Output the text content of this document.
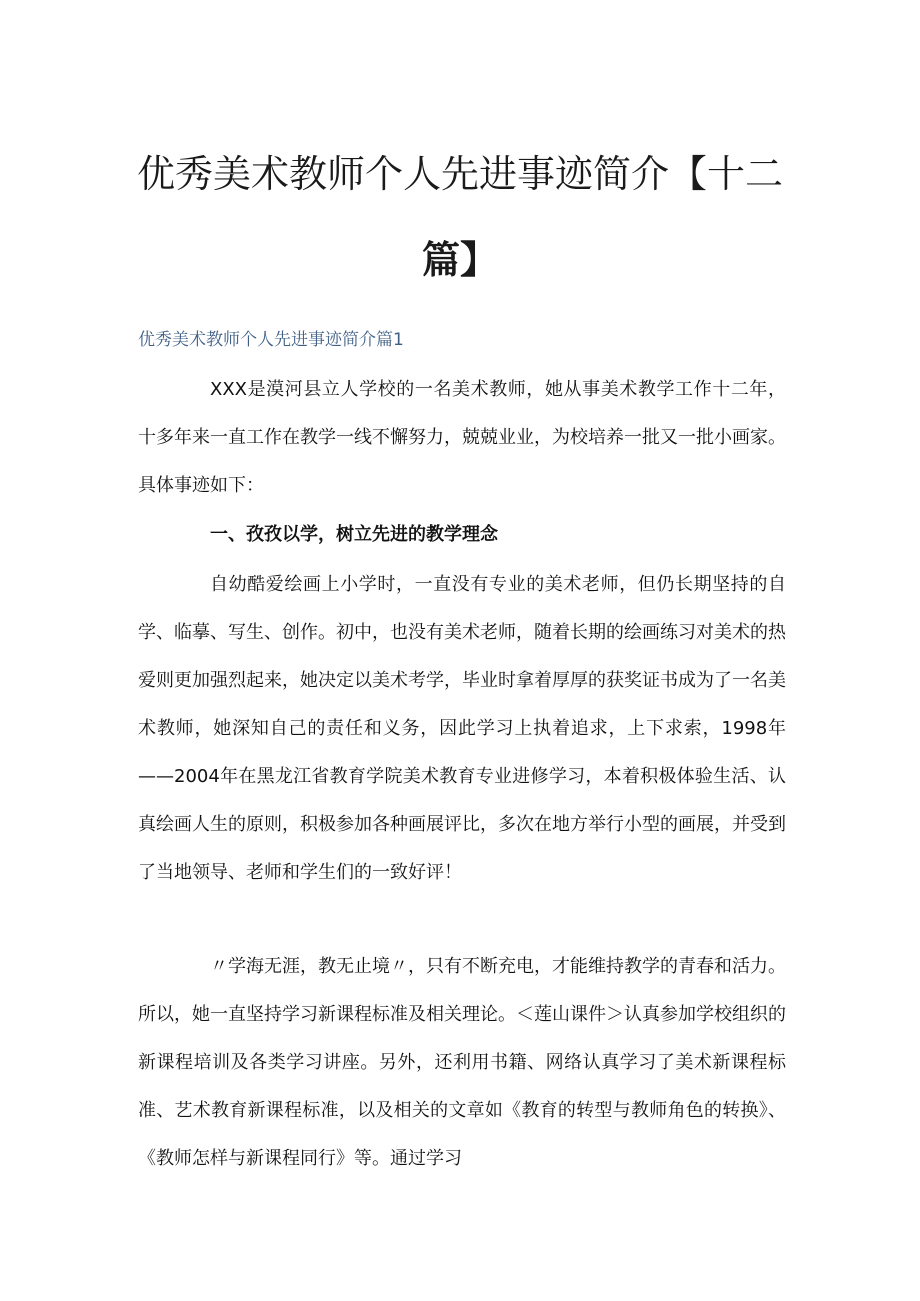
优秀美术教师个人先进事迹简介【十二
篇】
优秀美术教师个人先进事迹简介篇1

XXX是漠河县立人学校的一名美术教师，她从事美术教学工作十二年，十多年来一直工作在教学一线不懈努力，兢兢业业，为校培养一批又一批小画家。具体事迹如下：

一、孜孜以学，树立先进的教学理念

自幼酷爱绘画上小学时，一直没有专业的美术老师，但仍长期坚持的自学、临摹、写生、创作。初中，也没有美术老师，随着长期的绘画练习对美术的热爱则更加强烈起来，她决定以美术考学，毕业时拿着厚厚的获奖证书成为了一名美术教师，她深知自己的责任和义务，因此学习上执着追求，上下求索，1998年——2004年在黑龙江省教育学院美术教育专业进修学习，本着积极体验生活、认真绘画人生的原则，积极参加各种画展评比，多次在地方举行小型的画展，并受到了当地领导、老师和学生们的一致好评！

〃学海无涯，教无止境〃，只有不断充电，才能维持教学的青春和活力。所以，她一直坚持学习新课程标准及相关理论。＜莲山课件＞认真参加学校组织的新课程培训及各类学习讲座。另外，还利用书籍、网络认真学习了美术新课程标准、艺术教育新课程标准，以及相关的文章如《教育的转型与教师角色的转换》、《教师怎样与新课程同行》等。通过学习
